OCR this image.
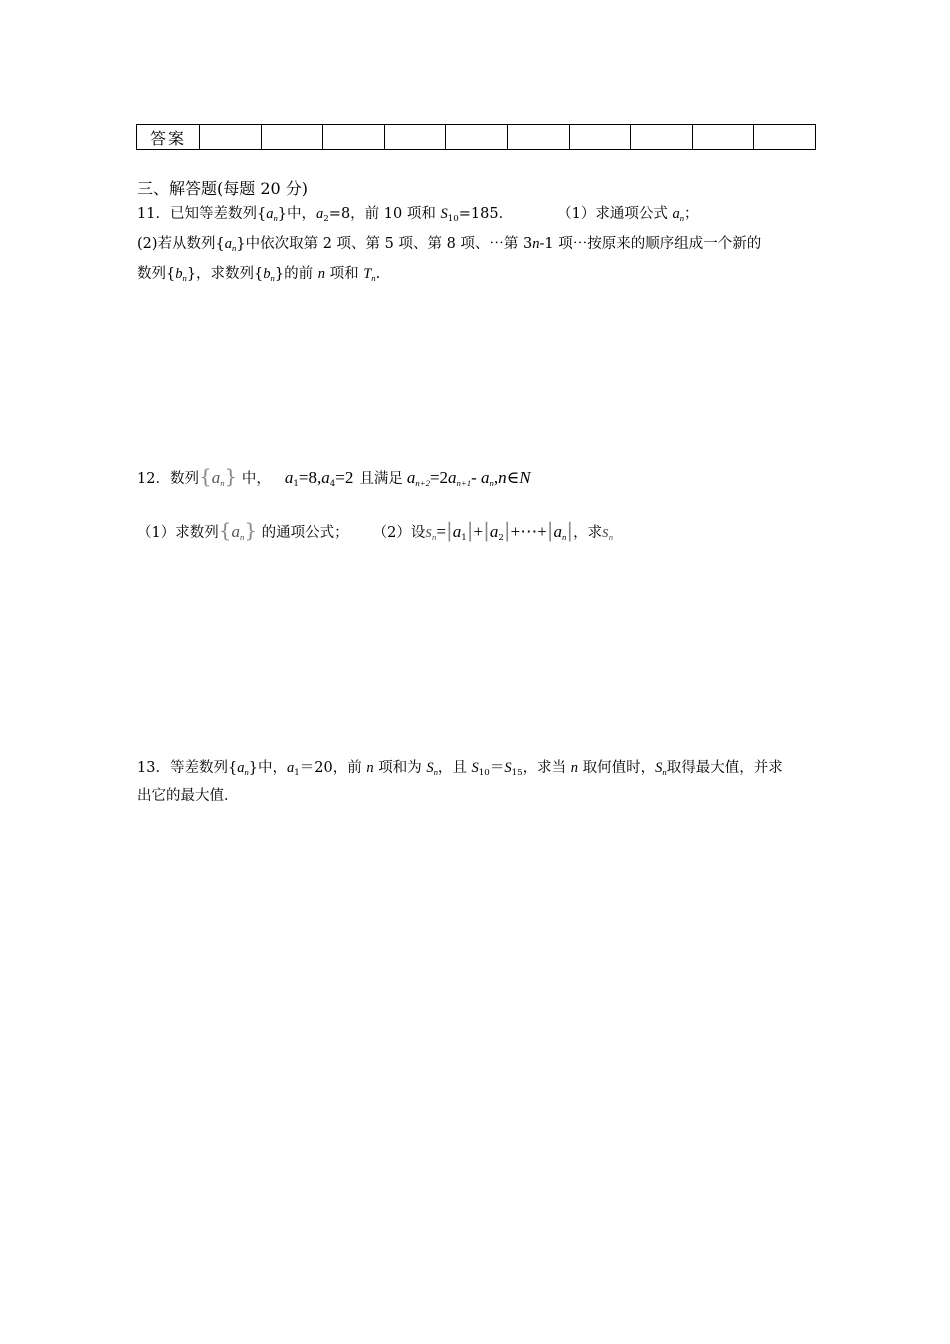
答案										
三、解答题(每题 20 分)
11．已知等差数列$\{a_n\}$中，$a_2=8$，前 10 项和 $S_{10}=185$．	（1）求通项公式 $a_n$；
(2)若从数列$\{a_n\}$中依次取第 2 项、第 5 项、第 8 项、⋯第 3n-1 项⋯按原来的顺序组成一个新的
数列$\{b_n\}$，求数列$\{b_n\}$的前 n 项和 $T_n$.
12．数列$\{a_n\}$ 中， $a_1=8,a_4=2$ 且满足 $a_{n+2}=2a_{n+1}-$ $a_n,n\in N$
（1）求数列$\{a_n\}$ 的通项公式； （2）设$s_n=|a_1|+|a_2|+\cdots+|a_n|$，求$s_n$
13．等差数列$\{a_n\}$中，$a_1=20$，前 n 项和为 $S_n$，且 $S_{10}=S_{15}$，求当 n 取何值时，$S_n$取得最大值，并求
出它的最大值．
